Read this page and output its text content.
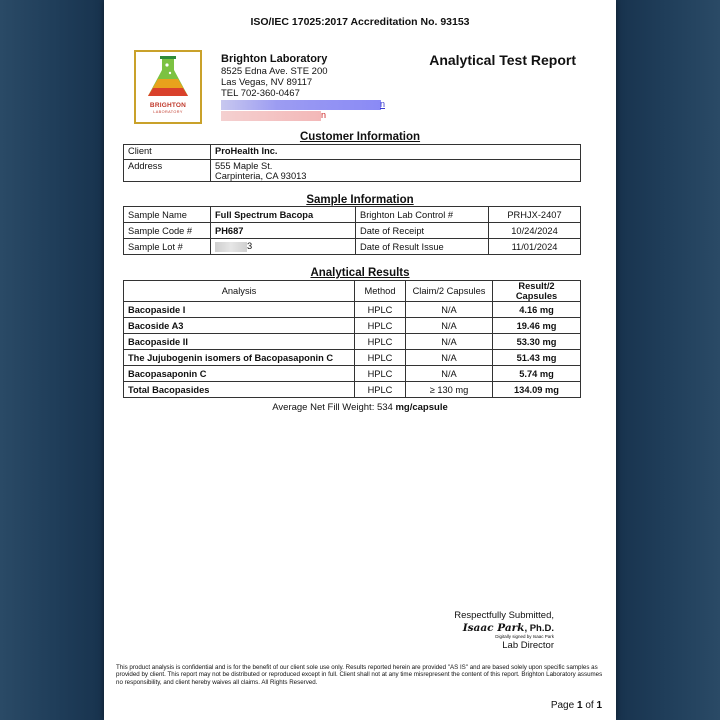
ISO/IEC 17025:2017 Accreditation No. 93153
BRIGHTON
LABORATORY
Brighton Laboratory
8525 Edna Ave. STE 200
Las Vegas, NV 89117
TEL 702-360-0467
n
n
Analytical Test Report
Customer Information
Client	ProHealth Inc.
Address	555 Maple St.
Carpinteria, CA 93013
Sample Information
Sample Name	Full Spectrum Bacopa	Brighton Lab Control #	PRHJX-2407
Sample Code #	PH687	Date of Receipt	10/24/2024
Sample Lot #	3	Date of Result Issue	11/01/2024
Analytical Results
Analysis	Method	Claim/2 Capsules	Result/2 Capsules
Bacopaside I	HPLC	N/A	4.16 mg
Bacoside A3	HPLC	N/A	19.46 mg
Bacopaside II	HPLC	N/A	53.30 mg
The Jujubogenin isomers of Bacopasaponin C	HPLC	N/A	51.43 mg
Bacopasaponin C	HPLC	N/A	5.74 mg
Total Bacopasides	HPLC	≥ 130 mg	134.09 mg
Average Net Fill Weight: 534 mg/capsule
Respectfully Submitted,
Isaac Park, Ph.D.
Digitally signed by Isaac Park
Lab Director
This product analysis is confidential and is for the benefit of our client sole use only. Results reported herein are provided "AS IS" and are based solely upon specific samples as provided by client. This report may not be distributed or reproduced except in full. Client shall not at any time misrepresent the content of this report. Brighton Laboratory assumes no responsibility, and client hereby waives all claims. All Rights Reserved.
Page 1 of 1
